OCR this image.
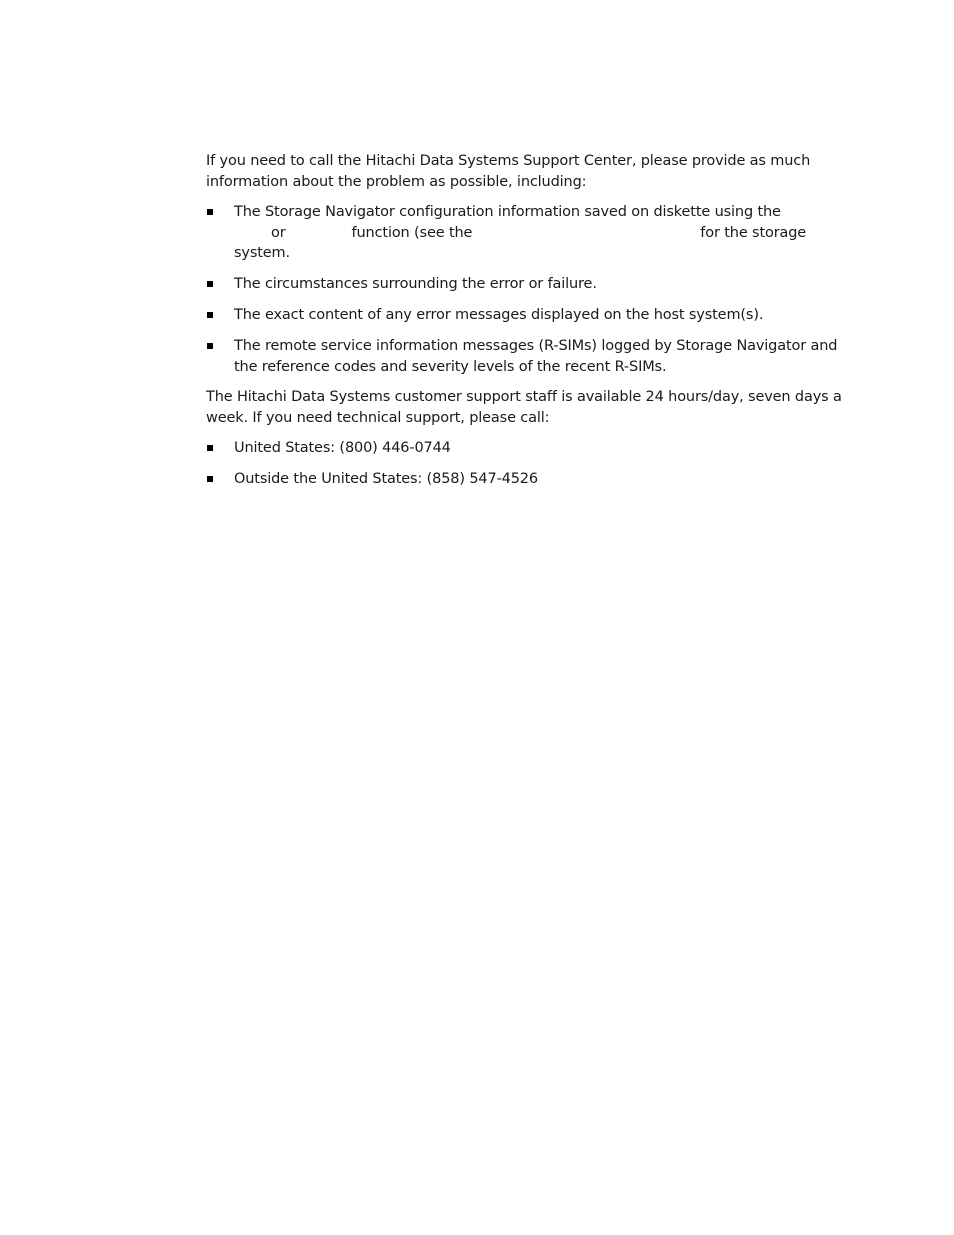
If you need to call the Hitachi Data Systems Support Center, please provide as much information about the problem as possible, including:

The Storage Navigator configuration information saved on diskette using the
or	function (see the	for the storage
system.
The circumstances surrounding the error or failure.
The exact content of any error messages displayed on the host system(s).
The remote service information messages (R-SIMs) logged by Storage Navigator and the reference codes and severity levels of the recent R-SIMs.

The Hitachi Data Systems customer support staff is available 24 hours/day, seven days a week. If you need technical support, please call:

United States: (800) 446-0744
Outside the United States: (858) 547-4526
